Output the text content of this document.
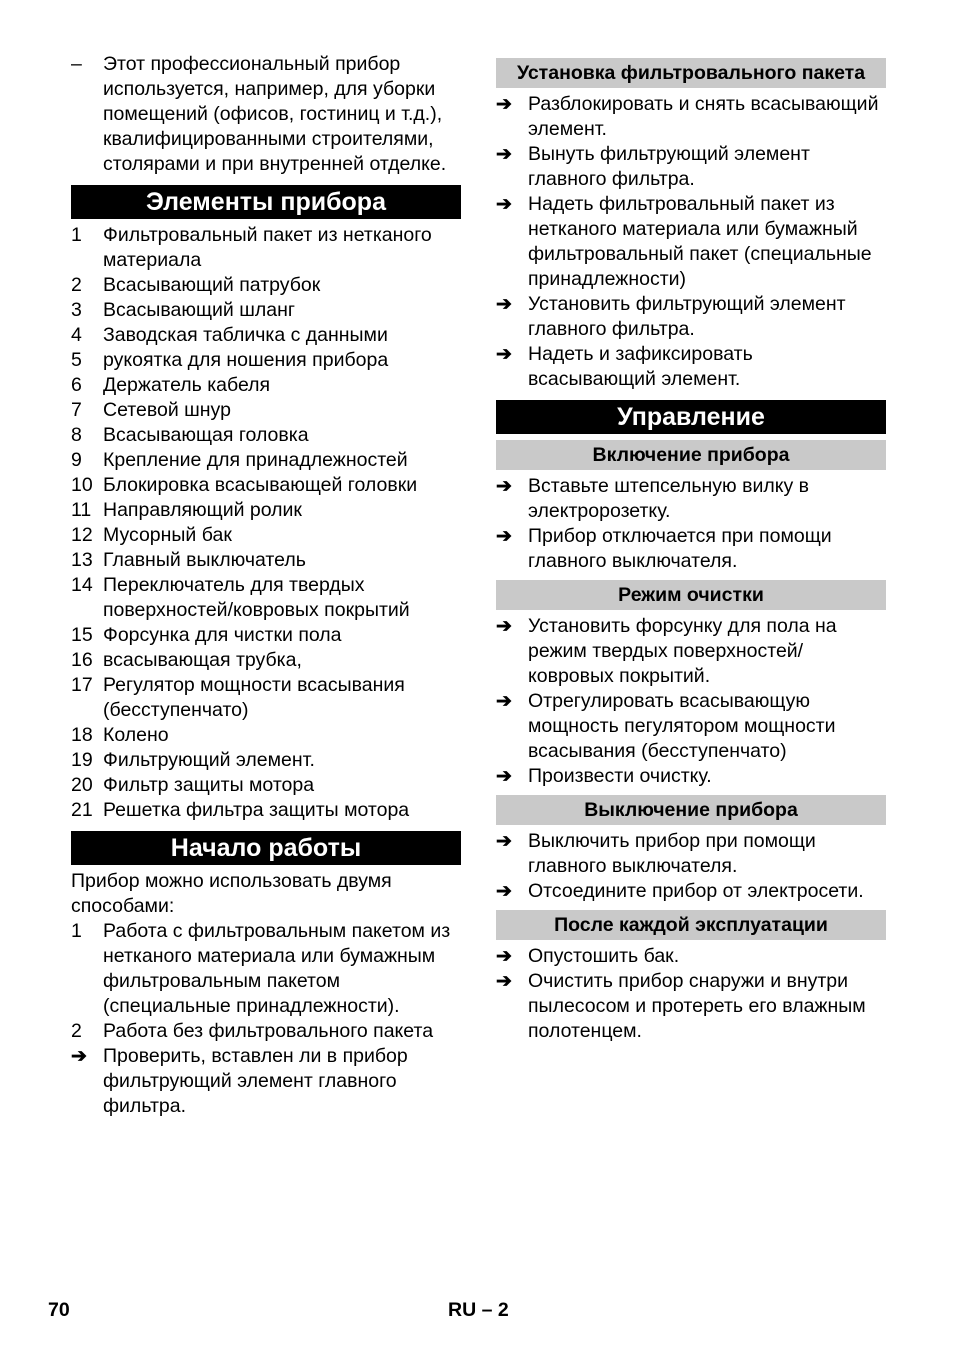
–	Этот профессиональный прибор используется, например, для уборки помещений (офисов, гостиниц и т.д.), квалифицированными строителями, столярами и при внутренней отделке.
Элементы прибора
1	Фильтровальный пакет из нетканого материала
2	Всасывающий патрубок
3	Всасывающий шланг
4	Заводская табличка с данными
5	рукоятка для ношения прибора
6	Держатель кабеля
7	Сетевой шнур
8	Всасывающая головка
9	Крепление для принадлежностей
10 Блокировка всасывающей головки
11 Направляющий ролик
12 Мусорный бак
13 Главный выключатель
14 Переключатель для твердых поверхностей/ковровых покрытий
15 Форсунка для чистки пола
16 всасывающая трубка,
17 Регулятор мощности всасывания (бесступенчато)
18 Колено
19 Фильтрующий элемент.
20 Фильтр защиты мотора
21 Решетка фильтра защиты мотора
Начало работы
Прибор можно использовать двумя способами:
1	Работа с фильтровальным пакетом из нетканого материала или бумажным фильтровальным пакетом (специальные принадлежности).
2	Работа без фильтровального пакета
➔ Проверить, вставлен ли в прибор фильтрующий элемент главного фильтра.
Установка фильтровального пакета
➔ Разблокировать и снять всасывающий элемент.
➔ Вынуть фильтрующий элемент главного фильтра.
➔ Надеть фильтровальный пакет из нетканого материала или бумажный фильтровальный пакет (специальные принадлежности)
➔ Установить фильтрующий элемент главного фильтра.
➔ Надеть и зафиксировать всасывающий элемент.
Управление
Включение прибора
➔ Вставьте штепсельную вилку в электророзетку.
➔ Прибор отключается при помощи главного выключателя.
Режим очистки
➔ Установить форсунку для пола на режим твердых поверхностей/ковровых покрытий.
➔ Отрегулировать всасывающую мощность пегулятором мощности всасывания (бесступенчато)
➔ Произвести очистку.
Выключение прибора
➔ Выключить прибор при помощи главного выключателя.
➔ Отсоедините прибор от электросети.
После каждой эксплуатации
➔ Опустошить бак.
➔ Очистить прибор снаружи и внутри пылесосом и протереть его влажным полотенцем.
70	RU – 2
